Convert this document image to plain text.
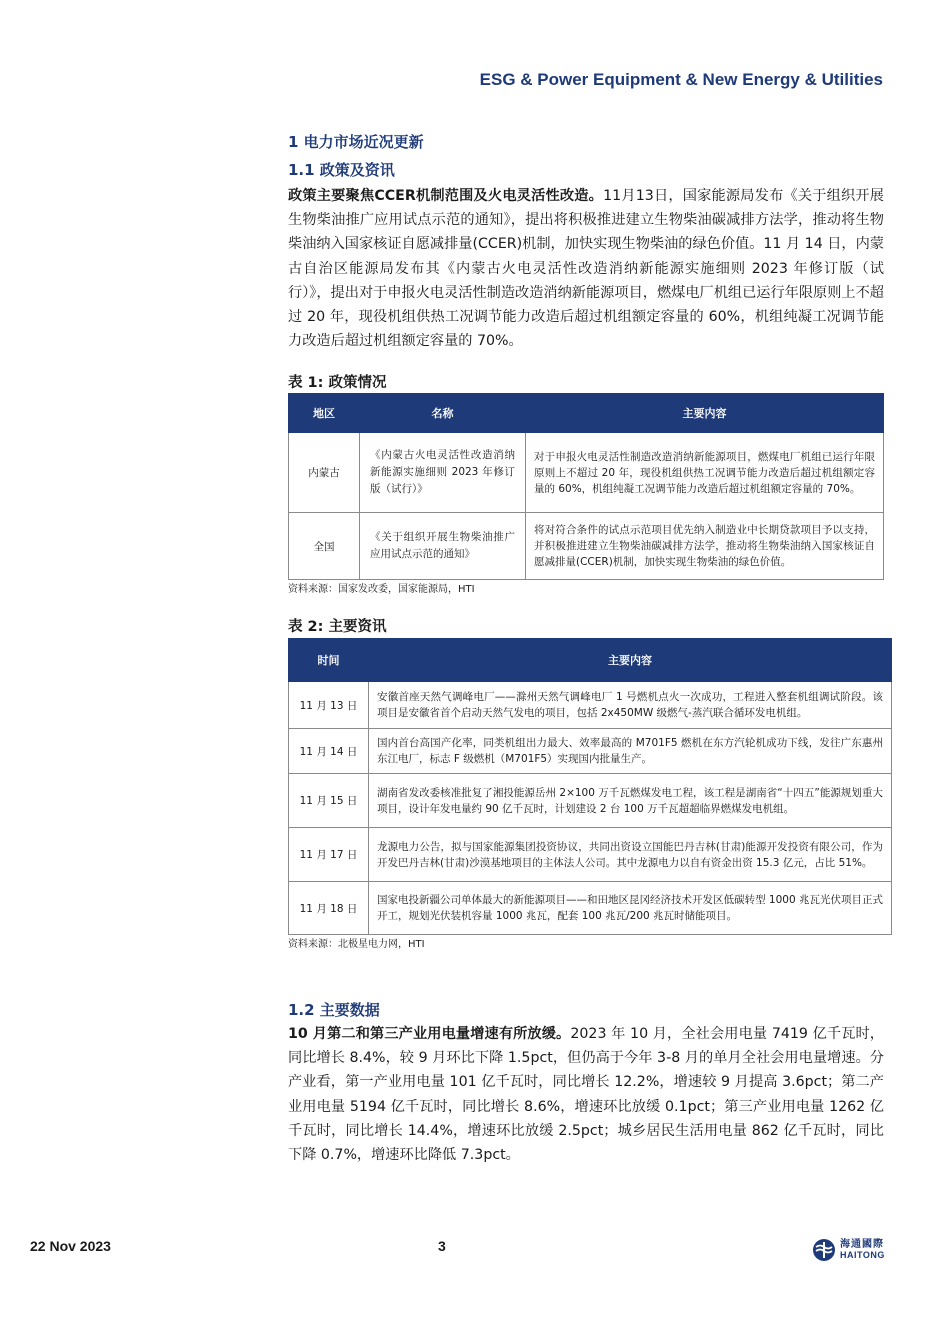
ESG & Power Equipment & New Energy & Utilities
1 电力市场近况更新
1.1 政策及资讯

政策主要聚焦CCER机制范围及火电灵活性改造。11月13日，国家能源局发布《关于组织开展生物柴油推广应用试点示范的通知》，提出将积极推进建立生物柴油碳减排方法学，推动将生物柴油纳入国家核证自愿减排量(CCER)机制，加快实现生物柴油的绿色价值。11 月 14 日，内蒙古自治区能源局发布其《内蒙古火电灵活性改造消纳新能源实施细则 2023 年修订版（试行）》，提出对于申报火电灵活性制造改造消纳新能源项目，燃煤电厂机组已运行年限原则上不超过 20 年，现役机组供热工况调节能力改造后超过机组额定容量的 60%，机组纯凝工况调节能力改造后超过机组额定容量的 70%。

表 1: 政策情况
地区	名称	主要内容
内蒙古	《内蒙古火电灵活性改造消纳新能源实施细则 2023 年修订版（试行）》	对于申报火电灵活性制造改造消纳新能源项目，燃煤电厂机组已运行年限原则上不超过 20 年，现役机组供热工况调节能力改造后超过机组额定容量的 60%，机组纯凝工况调节能力改造后超过机组额定容量的 70%。
全国	《关于组织开展生物柴油推广应用试点示范的通知》	将对符合条件的试点示范项目优先纳入制造业中长期贷款项目予以支持，并积极推进建立生物柴油碳减排方法学，推动将生物柴油纳入国家核证自愿减排量(CCER)机制，加快实现生物柴油的绿色价值。
资料来源：国家发改委，国家能源局，HTI
表 2: 主要资讯
时间	主要内容
11 月 13 日	安徽首座天然气调峰电厂——滁州天然气调峰电厂 1 号燃机点火一次成功，工程进入整套机组调试阶段。该项目是安徽省首个启动天然气发电的项目，包括 2x450MW 级燃气-蒸汽联合循环发电机组。
11 月 14 日	国内首台高国产化率，同类机组出力最大、效率最高的 M701F5 燃机在东方汽轮机成功下线，发往广东惠州东江电厂，标志 F 级燃机（M701F5）实现国内批量生产。
11 月 15 日	湖南省发改委核准批复了湘投能源岳州 2×100 万千瓦燃煤发电工程，该工程是湖南省“十四五”能源规划重大项目，设计年发电量约 90 亿千瓦时，计划建设 2 台 100 万千瓦超超临界燃煤发电机组。
11 月 17 日	龙源电力公告，拟与国家能源集团投资协议，共同出资设立国能巴丹吉林(甘肃)能源开发投资有限公司，作为开发巴丹吉林(甘肃)沙漠基地项目的主体法人公司。其中龙源电力以自有资金出资 15.3 亿元，占比 51%。
11 月 18 日	国家电投新疆公司单体最大的新能源项目——和田地区昆冈经济技术开发区低碳转型 1000 兆瓦光伏项目正式开工，规划光伏装机容量 1000 兆瓦，配套 100 兆瓦/200 兆瓦时储能项目。
资料来源：北极星电力网，HTI
1.2 主要数据

10 月第二和第三产业用电量增速有所放缓。2023 年 10 月，全社会用电量 7419 亿千瓦时，同比增长 8.4%，较 9 月环比下降 1.5pct，但仍高于今年 3-8 月的单月全社会用电量增速。分产业看，第一产业用电量 101 亿千瓦时，同比增长 12.2%，增速较 9 月提高 3.6pct；第二产业用电量 5194 亿千瓦时，同比增长 8.6%，增速环比放缓 0.1pct；第三产业用电量 1262 亿千瓦时，同比增长 14.4%，增速环比放缓 2.5pct；城乡居民生活用电量 862 亿千瓦时，同比下降 0.7%，增速环比降低 7.3pct。

22 Nov 2023	3	海通國際
HAITONG
